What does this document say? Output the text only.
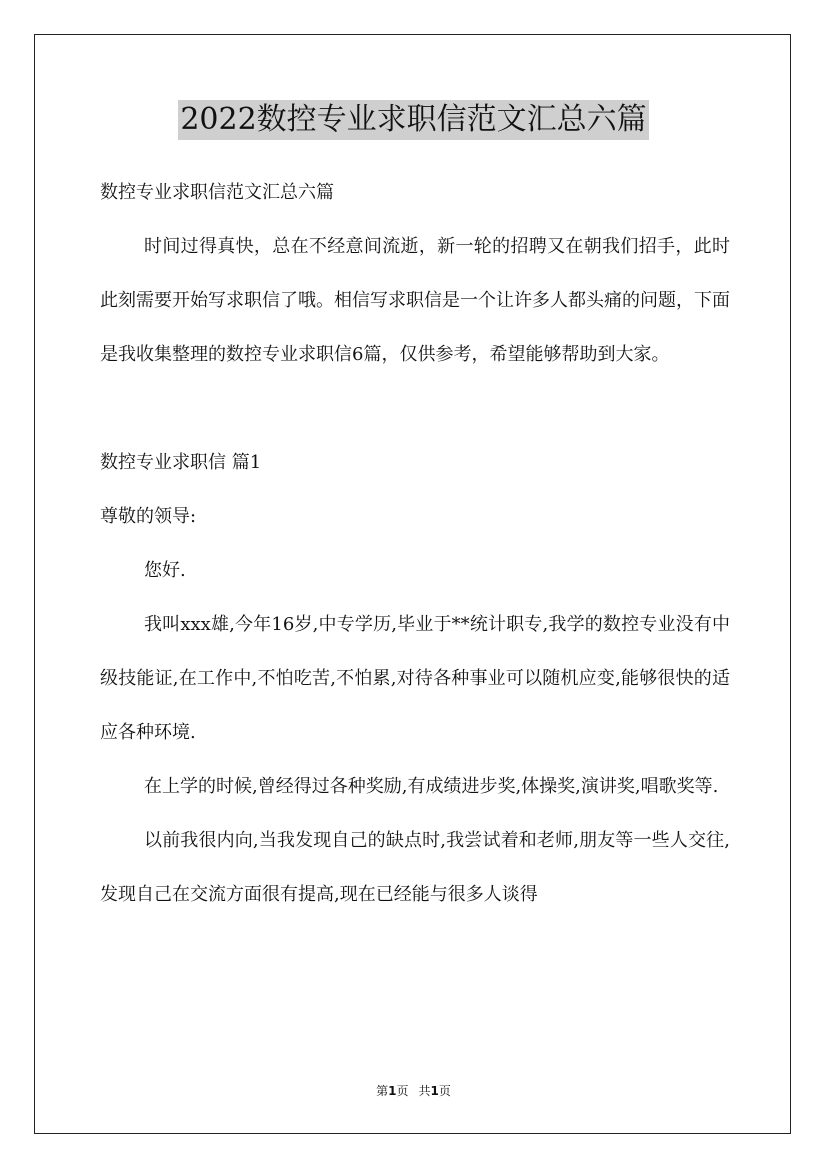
2022数控专业求职信范文汇总六篇

数控专业求职信范文汇总六篇

时间过得真快，总在不经意间流逝，新一轮的招聘又在朝我们招手，此时此刻需要开始写求职信了哦。相信写求职信是一个让许多人都头痛的问题，下面是我收集整理的数控专业求职信6篇，仅供参考，希望能够帮助到大家。

数控专业求职信 篇1

尊敬的领导:

您好.

我叫xxx雄,今年16岁,中专学历,毕业于**统计职专,我学的数控专业没有中级技能证,在工作中,不怕吃苦,不怕累,对待各种事业可以随机应变,能够很快的适应各种环境.

在上学的时候,曾经得过各种奖励,有成绩进步奖,体操奖,演讲奖,唱歌奖等.

以前我很内向,当我发现自己的缺点时,我尝试着和老师,朋友等一些人交往,发现自己在交流方面很有提高,现在已经能与很多人谈得

第1页 共1页
